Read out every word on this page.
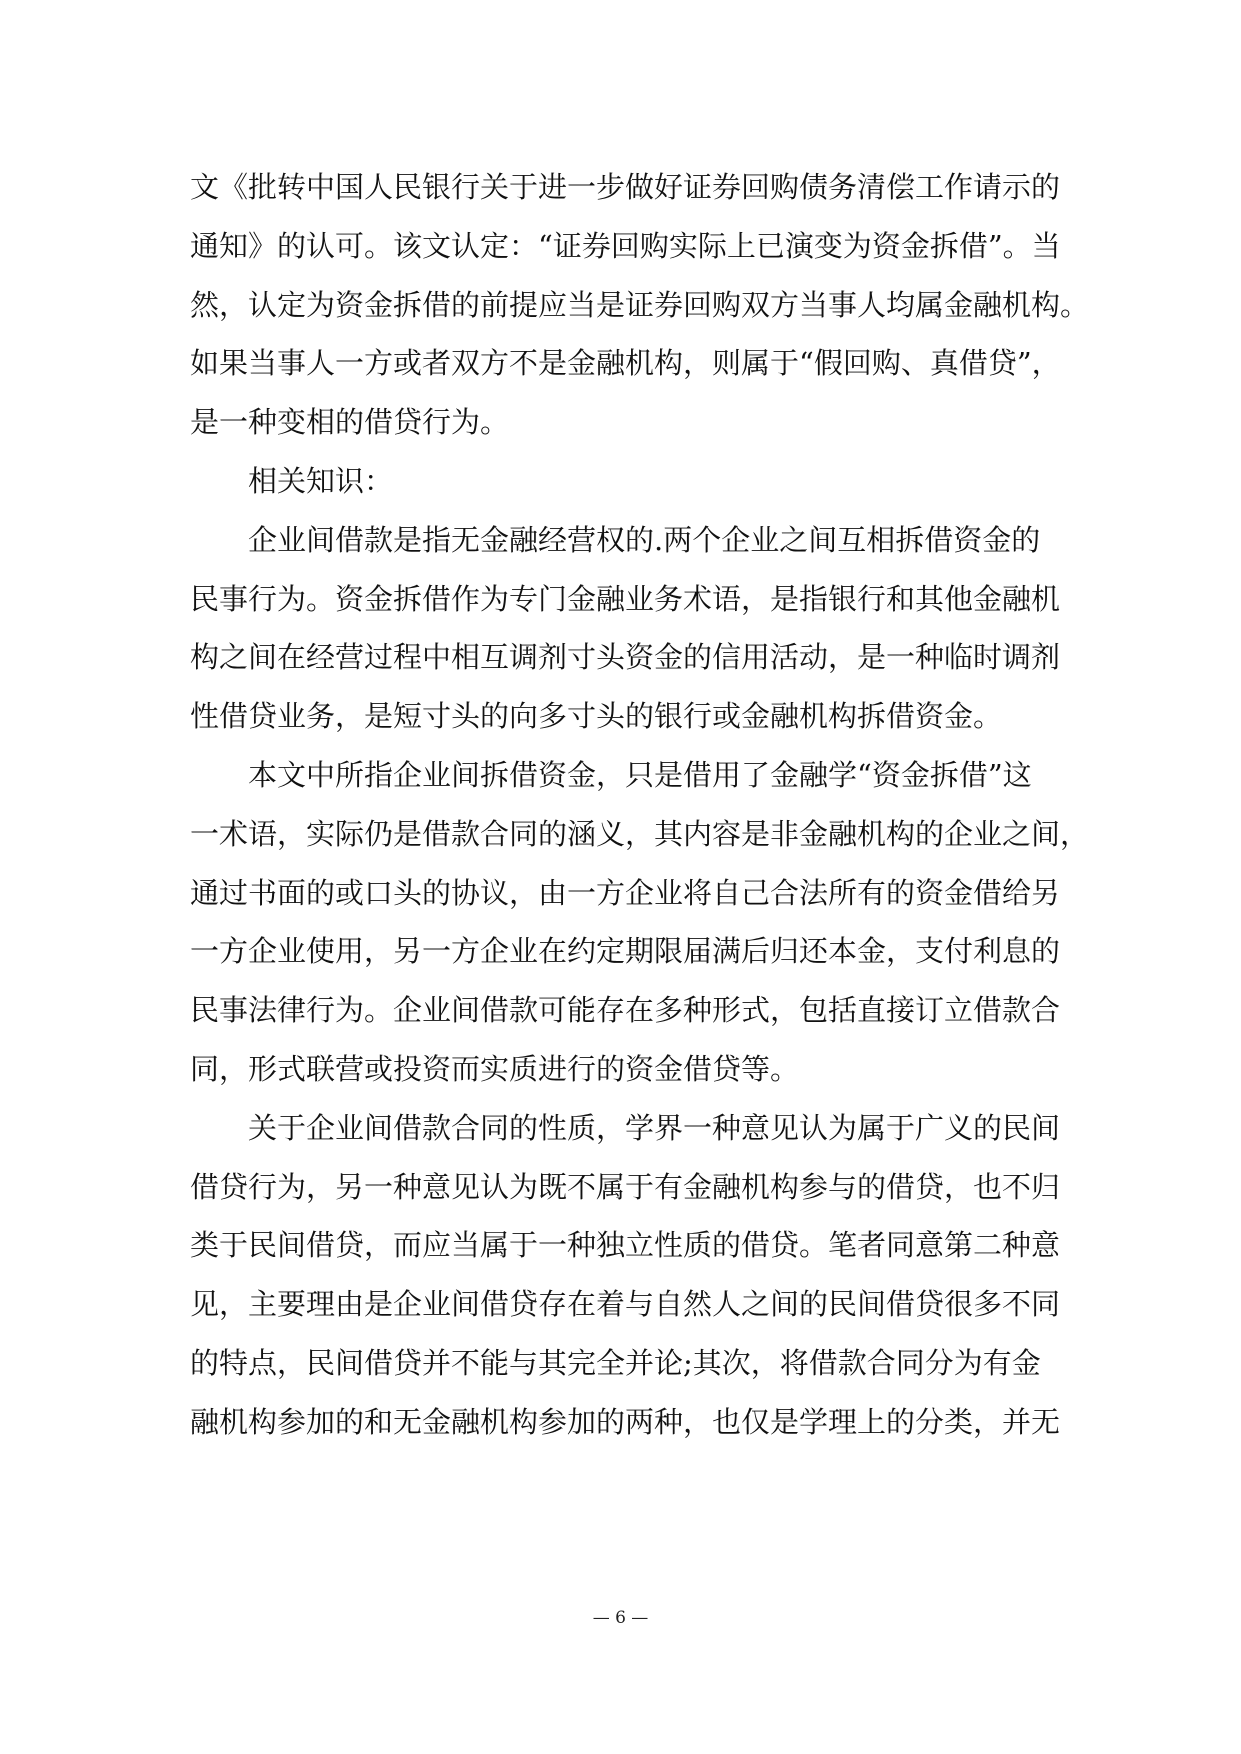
文《批转中国人民银行关于进一步做好证券回购债务清偿工作请示的
通知》的认可。该文认定：“证券回购实际上已演变为资金拆借”。当
然，认定为资金拆借的前提应当是证券回购双方当事人均属金融机构。
如果当事人一方或者双方不是金融机构，则属于“假回购、真借贷”，
是一种变相的借贷行为。
相关知识：
企业间借款是指无金融经营权的.两个企业之间互相拆借资金的
民事行为。资金拆借作为专门金融业务术语，是指银行和其他金融机
构之间在经营过程中相互调剂寸头资金的信用活动，是一种临时调剂
性借贷业务，是短寸头的向多寸头的银行或金融机构拆借资金。
本文中所指企业间拆借资金，只是借用了金融学“资金拆借”这
一术语，实际仍是借款合同的涵义，其内容是非金融机构的企业之间，
通过书面的或口头的协议，由一方企业将自己合法所有的资金借给另
一方企业使用，另一方企业在约定期限届满后归还本金，支付利息的
民事法律行为。企业间借款可能存在多种形式，包括直接订立借款合
同，形式联营或投资而实质进行的资金借贷等。
关于企业间借款合同的性质，学界一种意见认为属于广义的民间
借贷行为，另一种意见认为既不属于有金融机构参与的借贷，也不归
类于民间借贷，而应当属于一种独立性质的借贷。笔者同意第二种意
见，主要理由是企业间借贷存在着与自然人之间的民间借贷很多不同
的特点，民间借贷并不能与其完全并论;其次，将借款合同分为有金
融机构参加的和无金融机构参加的两种，也仅是学理上的分类，并无
— 6 —
